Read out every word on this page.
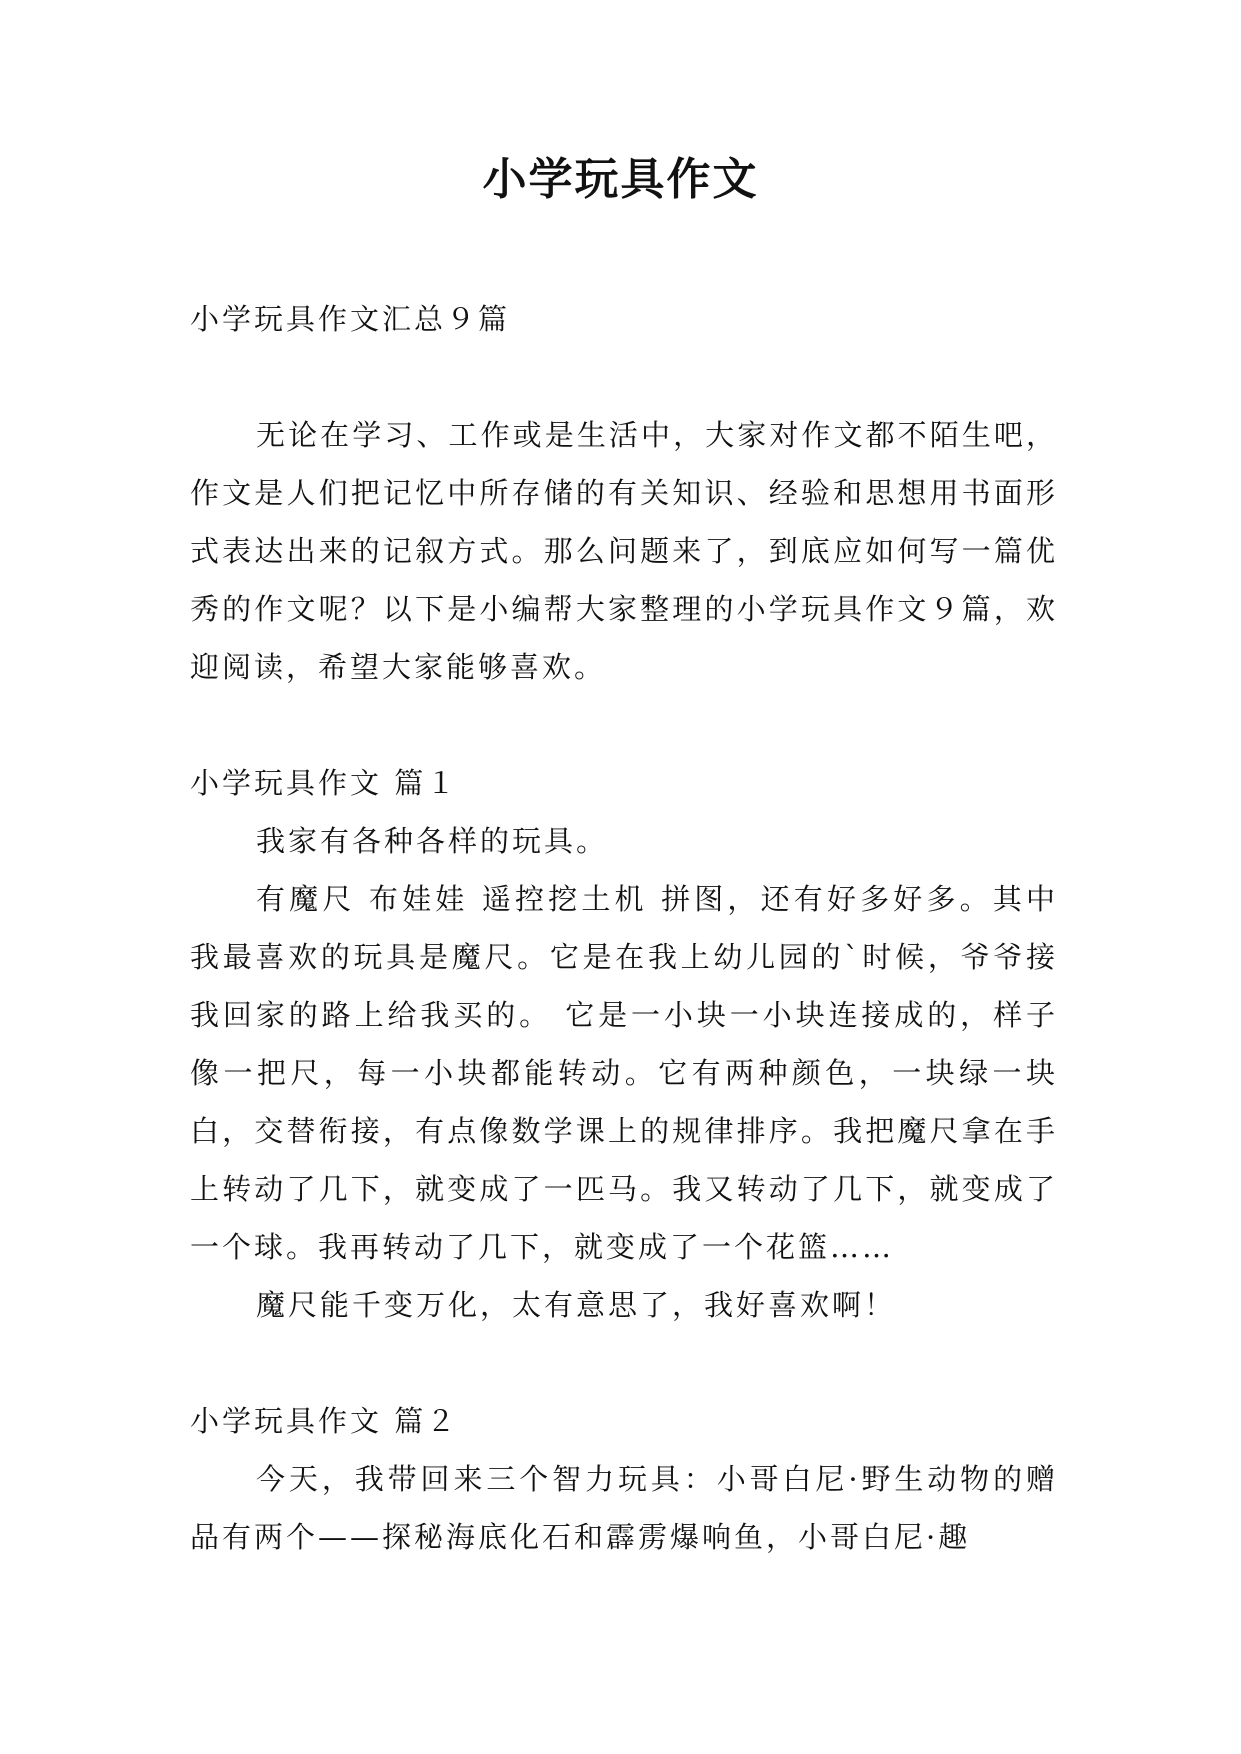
小学玩具作文

小学玩具作文汇总９篇

无论在学习、工作或是生活中，大家对作文都不陌生吧，作文是人们把记忆中所存储的有关知识、经验和思想用书面形式表达出来的记叙方式。那么问题来了，到底应如何写一篇优秀的作文呢？以下是小编帮大家整理的小学玩具作文９篇，欢迎阅读，希望大家能够喜欢。

小学玩具作文 篇１

我家有各种各样的玩具。

有魔尺 布娃娃 遥控挖土机 拼图，还有好多好多。其中我最喜欢的玩具是魔尺。它是在我上幼儿园的`时候，爷爷接我回家的路上给我买的。 它是一小块一小块连接成的，样子像一把尺，每一小块都能转动。它有两种颜色，一块绿一块白，交替衔接，有点像数学课上的规律排序。我把魔尺拿在手上转动了几下，就变成了一匹马。我又转动了几下，就变成了一个球。我再转动了几下，就变成了一个花篮……

魔尺能千变万化，太有意思了，我好喜欢啊！

小学玩具作文 篇２

今天，我带回来三个智力玩具：小哥白尼·野生动物的赠品有两个——探秘海底化石和霹雳爆响鱼，小哥白尼·趣
